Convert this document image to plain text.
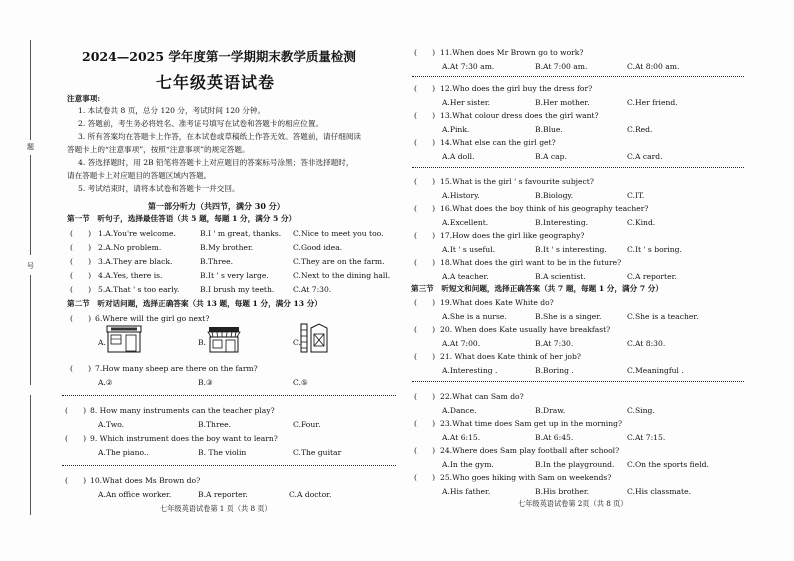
题
号
2024—2025 学年度第一学期期末教学质量检测
七年级英语试卷
注意事项:
1. 本试卷共 8 页，总分 120 分，考试时间 120 分钟。
2. 答题前，考生务必将姓名、准考证号填写在试卷和答题卡的相应位置。
3. 所有答案均在答题卡上作答，在本试卷或草稿纸上作答无效。答题前，请仔细阅读
答题卡上的“注意事项”，按照“注意事项”的规定答题。
4. 答选择题时，用 2B 铅笔将答题卡上对应题目的答案标号涂黑；答非选择题时，
请在答题卡上对应题目的答题区域内答题。
5. 考试结束时，请将本试卷和答题卡一并交回。
第一部分听力（共四节，满分 30 分）
第一节　听句子，选择最佳答语（共 5 题，每题 1 分，满分 5 分）
(　　) 1.A.You're welcome.	B.I ' m great, thanks. C.Nice to meet you too.
(　　) 2.A.No problem.	B.My brother.	C.Good idea.
(　　) 3.A.They are black.	B.Three.	C.They are on the farm.
(　　) 4.A.Yes, there is.	B.It ' s very large.	C.Next to the dining hall.
(　　) 5.A.That ' s too early.	B.I brush my teeth. C.At 7:30.
第二节　听对话问题，选择正确答案（共 13 题，每题 1 分，满分 13 分）
(　　) 6.Where will the girl go next?
A.	B.	C.
(　　) 7.How many sheep are there on the farm?
A.②	B.③	C.⑤
(　　) 8. How many instruments can the teacher play?
A.Two.	B.Three.	C.Four.
(　　) 9. Which instrument does the boy want to learn?
A.The piano..	B. The violin	C.The guitar
(　　) 10.What does Ms Brown do?
A.An office worker.	B.A reporter.	C.A doctor.
七年级英语试卷第 1 页（共 8 页）
(　　) 11.When does Mr Brown go to work?
A.At 7:30 am.	B.At 7:00 am.	C.At 8:00 am.
(　　) 12.Who does the girl buy the dress for?
A.Her sister.	B.Her mother.	C.Her friend.
(　　) 13.What colour dress does the girl want?
A.Pink.	B.Blue.	C.Red.
(　　) 14.What else can the girl get?
A.A doll.	B.A cap.	C.A card.
(　　) 15.What is the girl ' s favourite subject?
A.History.	B.Biology.	C.IT.
(　　) 16.What does the boy think of his geography teacher?
A.Excellent.	B.Interesting.	C.Kind.
(　　) 17.How does the girl like geography?
A.It ' s useful.	B.It ' s interesting.	C.It ' s boring.
(　　) 18.What does the girl want to be in the future?
A.A teacher.	B.A scientist.	C.A reporter.
第三节　听短文和问题，选择正确答案（共 7 题，每题 1 分，满分 7 分）
(　　) 19.What does Kate White do?
A.She is a nurse.	B.She is a singer.	C.She is a teacher.
(　　) 20. When does Kate usually have breakfast?
A.At 7:00.	B.At 7:30.	C.At 8:30.
(　　) 21. What does Kate think of her job?
A.Interesting .	B.Boring .	C.Meaningful .
(　　) 22.What can Sam do?
A.Dance.	B.Draw.	C.Sing.
(　　) 23.What time does Sam get up in the morning?
A.At 6:15.	B.At 6:45.	C.At 7:15.
(　　) 24.Where does Sam play football after school?
A.In the gym.	B.In the playground. C.On the sports field.
(　　) 25.Who goes hiking with Sam on weekends?
A.His father.	B.His brother.	C.His classmate.
七年级英语试卷第 2页（共 8 页）
